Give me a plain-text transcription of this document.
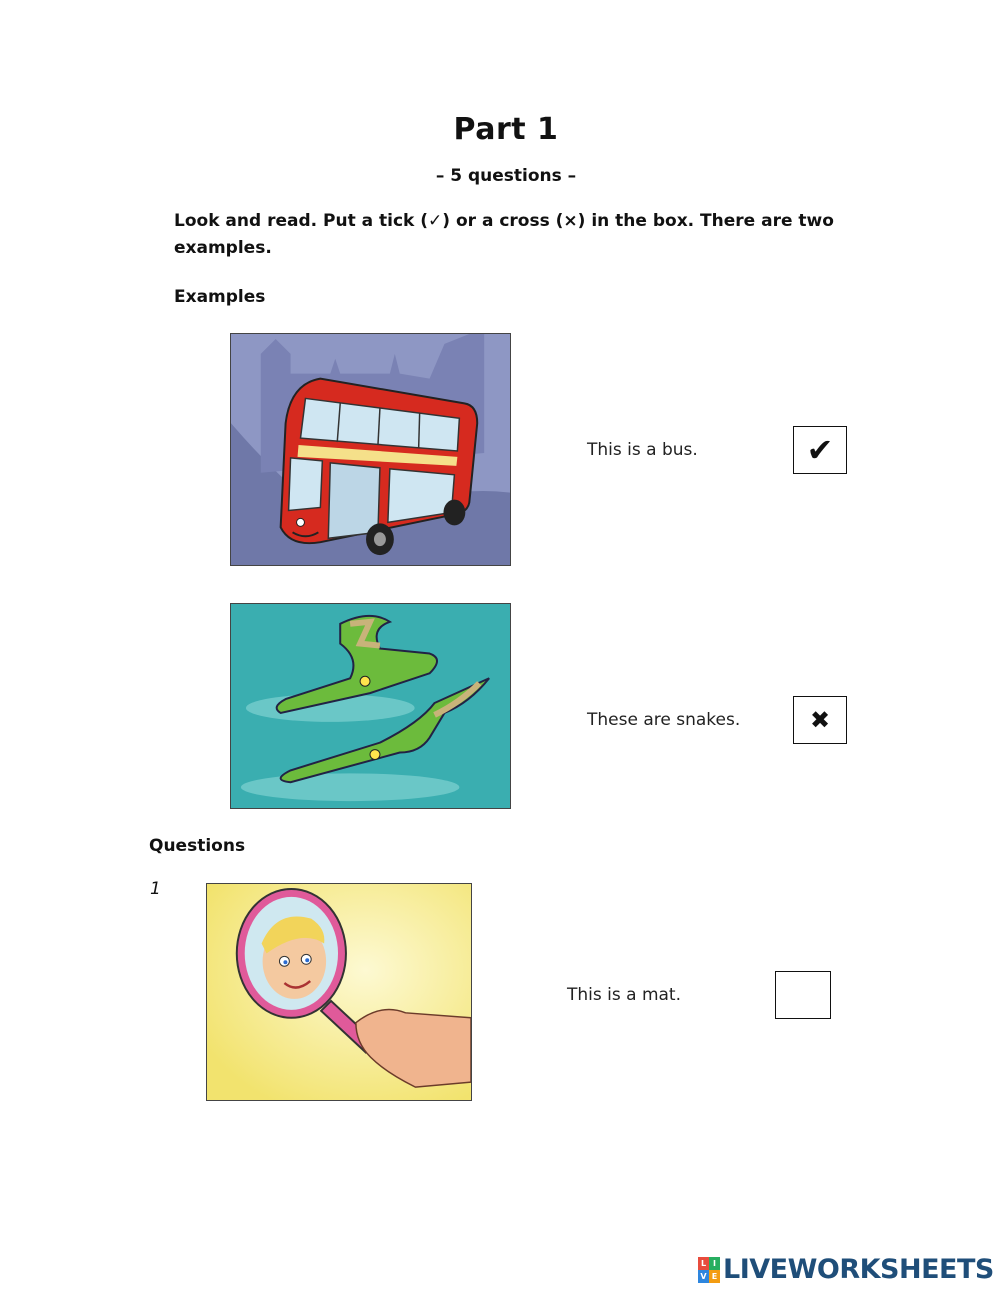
Part 1
– 5 questions –
Look and read. Put a tick (✓) or a cross (×) in the box. There are two examples.
Examples
This is a bus.	✔
These are snakes.	✖
Questions
1
This is a mat.
L I
V E LIVEWORKSHEETS
